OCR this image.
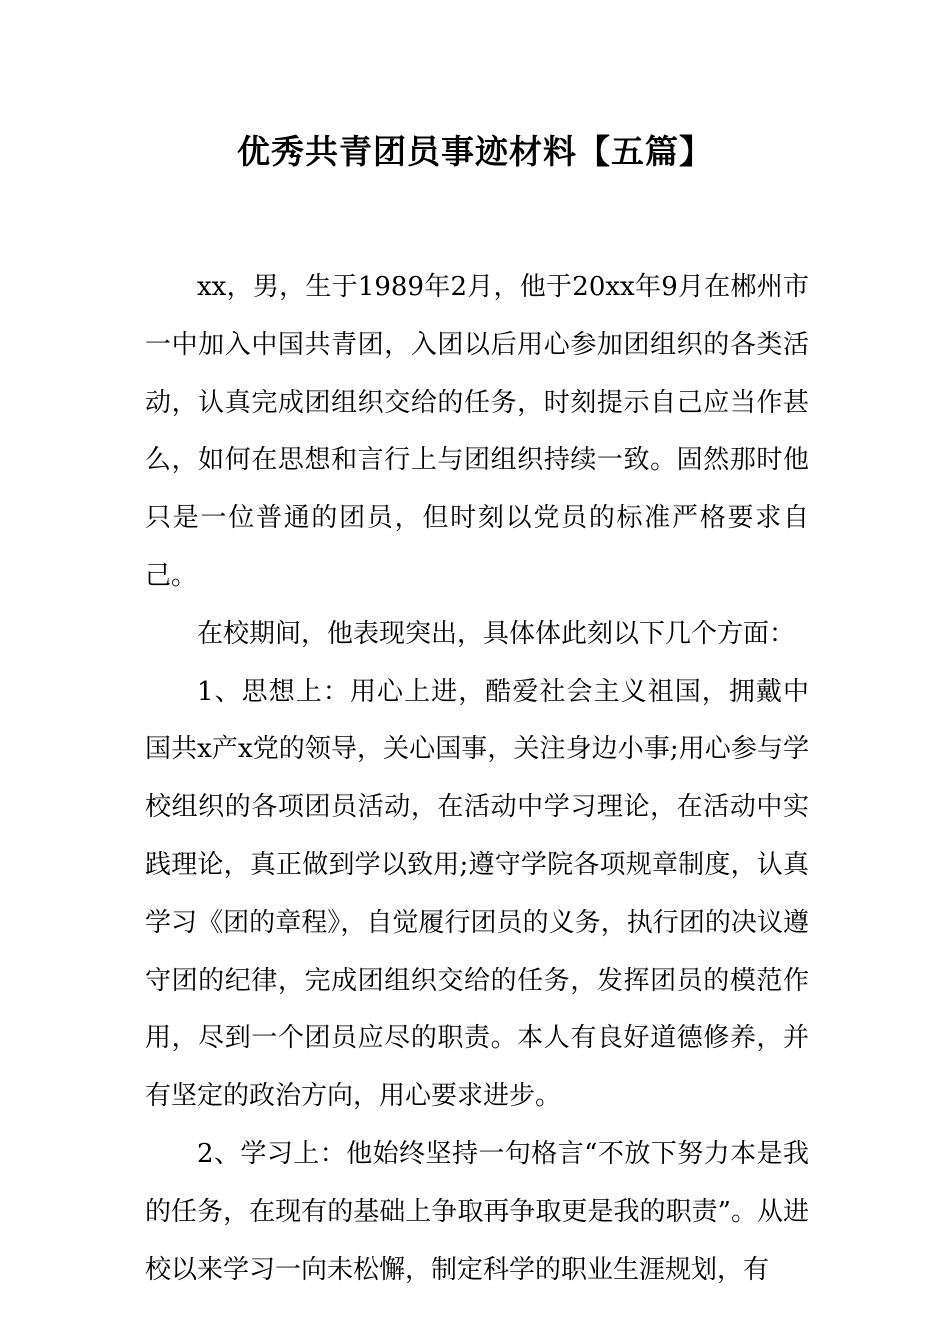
优秀共青团员事迹材料【五篇】

xx，男，生于1989年2月，他于20xx年9月在郴州市一中加入中国共青团，入团以后用心参加团组织的各类活动，认真完成团组织交给的任务，时刻提示自己应当作甚么，如何在思想和言行上与团组织持续一致。固然那时他只是一位普通的团员，但时刻以党员的标准严格要求自己。

在校期间，他表现突出，具体体此刻以下几个方面：

1、思想上：用心上进，酷爱社会主义祖国，拥戴中国共x产x党的领导，关心国事，关注身边小事;用心参与学校组织的各项团员活动，在活动中学习理论，在活动中实践理论，真正做到学以致用;遵守学院各项规章制度，认真学习《团的章程》，自觉履行团员的义务，执行团的决议遵守团的纪律，完成团组织交给的任务，发挥团员的模范作用，尽到一个团员应尽的职责。本人有良好道德修养，并有坚定的政治方向，用心要求进步。

2、学习上：他始终坚持一句格言“不放下努力本是我的任务，在现有的基础上争取再争取更是我的职责”。从进校以来学习一向未松懈，制定科学的职业生涯规划，有
